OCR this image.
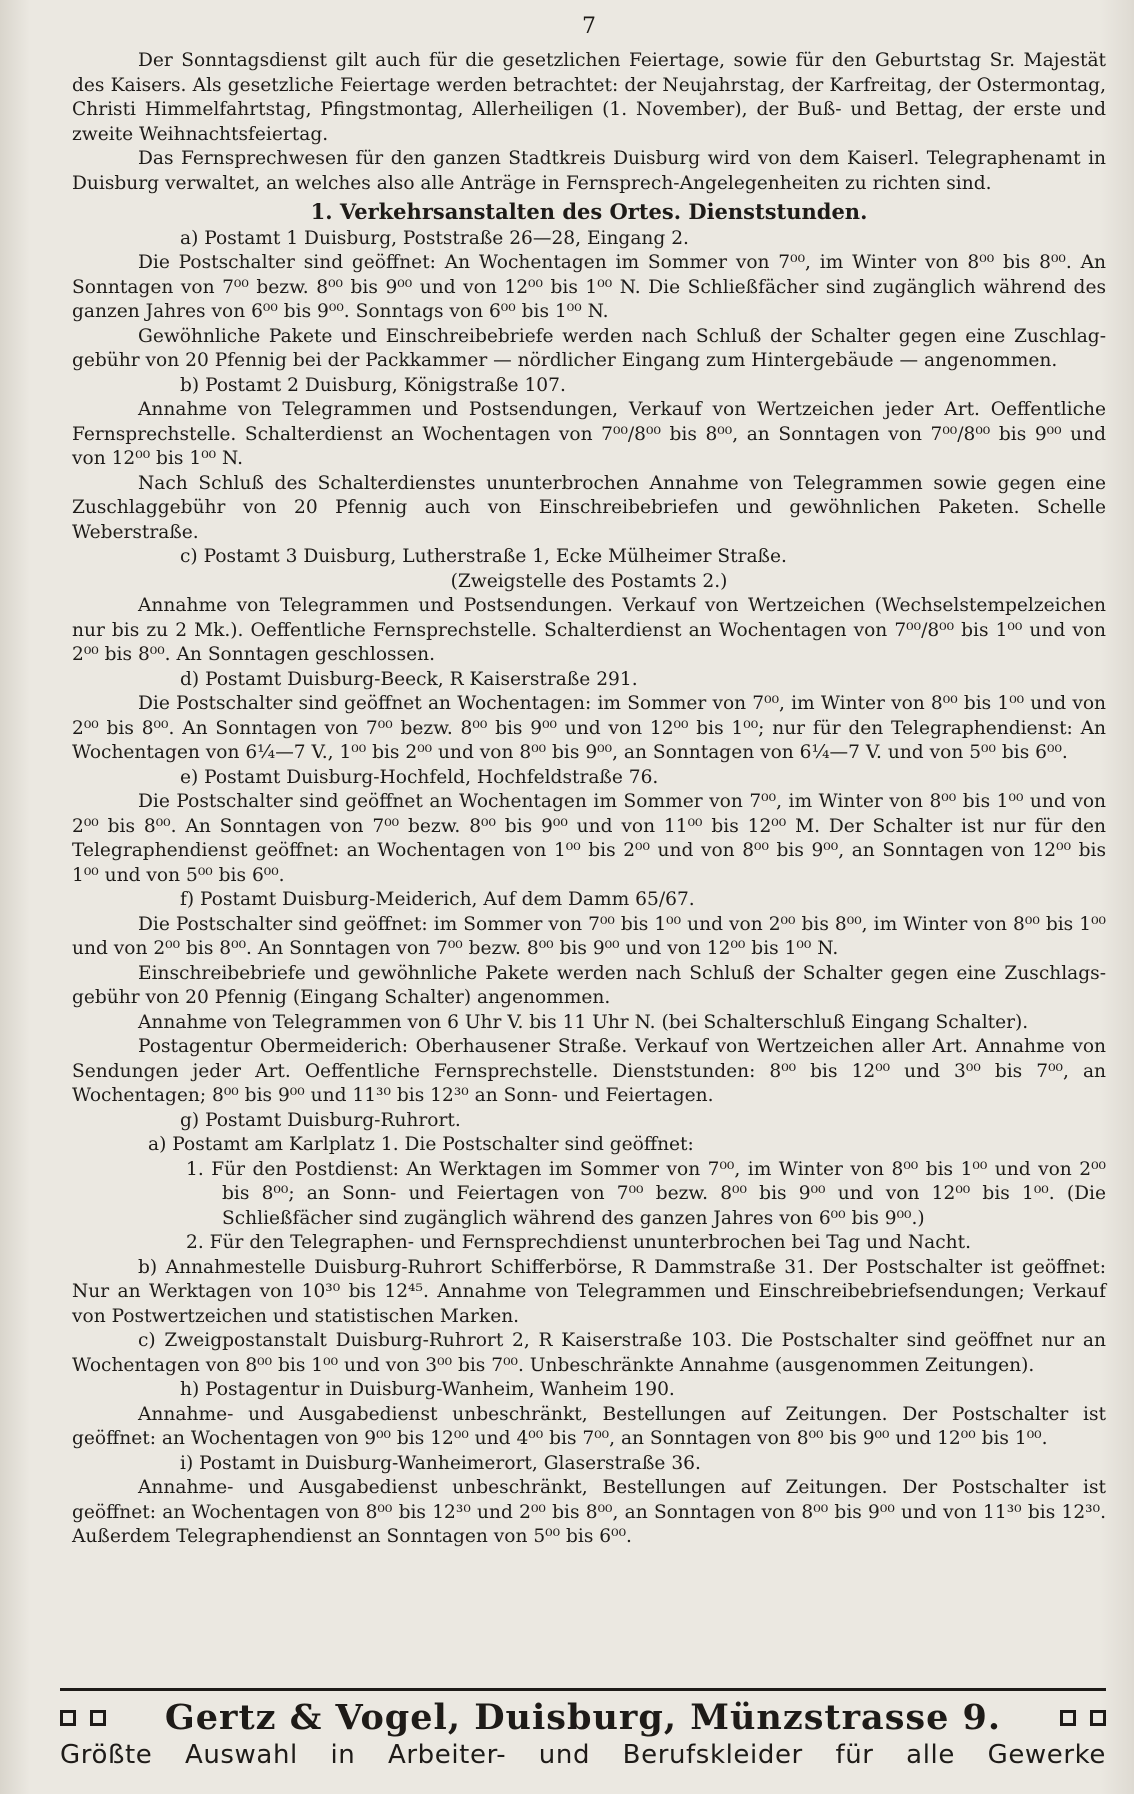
7

Der Sonntagsdienst gilt auch für die gesetzlichen Feiertage, sowie für den Geburtstag Sr. Majestät des Kaisers. Als gesetzliche Feiertage werden betrachtet: der Neujahrstag, der Karfreitag, der Ostermontag, Christi Himmelfahrtstag, Pfingstmontag, Allerheiligen (1. November), der Buß- und Bettag, der erste und zweite Weihnachtsfeiertag.

Das Fernsprechwesen für den ganzen Stadtkreis Duisburg wird von dem Kaiserl. Telegraphenamt in Duisburg verwaltet, an welches also alle Anträge in Fernsprech-Angelegenheiten zu richten sind.

1. Verkehrsanstalten des Ortes. Dienststunden.

a) Postamt 1 Duisburg, Poststraße 26—28, Eingang 2.

Die Postschalter sind geöffnet: An Wochentagen im Sommer von 7⁰⁰, im Winter von 8⁰⁰ bis 8⁰⁰. An Sonntagen von 7⁰⁰ bezw. 8⁰⁰ bis 9⁰⁰ und von 12⁰⁰ bis 1⁰⁰ N. Die Schließfächer sind zugänglich während des ganzen Jahres von 6⁰⁰ bis 9⁰⁰. Sonntags von 6⁰⁰ bis 1⁰⁰ N.

Gewöhnliche Pakete und Einschreibebriefe werden nach Schluß der Schalter gegen eine Zuschlag-gebühr von 20 Pfennig bei der Packkammer — nördlicher Eingang zum Hintergebäude — angenommen.

b) Postamt 2 Duisburg, Königstraße 107.

Annahme von Telegrammen und Postsendungen, Verkauf von Wertzeichen jeder Art. Oeffentliche Fernsprechstelle. Schalterdienst an Wochentagen von 7⁰⁰/8⁰⁰ bis 8⁰⁰, an Sonntagen von 7⁰⁰/8⁰⁰ bis 9⁰⁰ und von 12⁰⁰ bis 1⁰⁰ N.

Nach Schluß des Schalterdienstes ununterbrochen Annahme von Telegrammen sowie gegen eine Zuschlaggebühr von 20 Pfennig auch von Einschreibebriefen und gewöhnlichen Paketen. Schelle Weberstraße.

c) Postamt 3 Duisburg, Lutherstraße 1, Ecke Mülheimer Straße.

(Zweigstelle des Postamts 2.)

Annahme von Telegrammen und Postsendungen. Verkauf von Wertzeichen (Wechselstempelzeichen nur bis zu 2 Mk.). Oeffentliche Fernsprechstelle. Schalterdienst an Wochentagen von 7⁰⁰/8⁰⁰ bis 1⁰⁰ und von 2⁰⁰ bis 8⁰⁰. An Sonntagen geschlossen.

d) Postamt Duisburg-Beeck, R Kaiserstraße 291.

Die Postschalter sind geöffnet an Wochentagen: im Sommer von 7⁰⁰, im Winter von 8⁰⁰ bis 1⁰⁰ und von 2⁰⁰ bis 8⁰⁰. An Sonntagen von 7⁰⁰ bezw. 8⁰⁰ bis 9⁰⁰ und von 12⁰⁰ bis 1⁰⁰; nur für den Telegraphendienst: An Wochentagen von 6¼—7 V., 1⁰⁰ bis 2⁰⁰ und von 8⁰⁰ bis 9⁰⁰, an Sonntagen von 6¼—7 V. und von 5⁰⁰ bis 6⁰⁰.

e) Postamt Duisburg-Hochfeld, Hochfeldstraße 76.

Die Postschalter sind geöffnet an Wochentagen im Sommer von 7⁰⁰, im Winter von 8⁰⁰ bis 1⁰⁰ und von 2⁰⁰ bis 8⁰⁰. An Sonntagen von 7⁰⁰ bezw. 8⁰⁰ bis 9⁰⁰ und von 11⁰⁰ bis 12⁰⁰ M. Der Schalter ist nur für den Telegraphendienst geöffnet: an Wochentagen von 1⁰⁰ bis 2⁰⁰ und von 8⁰⁰ bis 9⁰⁰, an Sonntagen von 12⁰⁰ bis 1⁰⁰ und von 5⁰⁰ bis 6⁰⁰.

f) Postamt Duisburg-Meiderich, Auf dem Damm 65/67.

Die Postschalter sind geöffnet: im Sommer von 7⁰⁰ bis 1⁰⁰ und von 2⁰⁰ bis 8⁰⁰, im Winter von 8⁰⁰ bis 1⁰⁰ und von 2⁰⁰ bis 8⁰⁰. An Sonntagen von 7⁰⁰ bezw. 8⁰⁰ bis 9⁰⁰ und von 12⁰⁰ bis 1⁰⁰ N.

Einschreibebriefe und gewöhnliche Pakete werden nach Schluß der Schalter gegen eine Zuschlags-gebühr von 20 Pfennig (Eingang Schalter) angenommen.

Annahme von Telegrammen von 6 Uhr V. bis 11 Uhr N. (bei Schalterschluß Eingang Schalter).

Postagentur Obermeiderich: Oberhausener Straße. Verkauf von Wertzeichen aller Art. Annahme von Sendungen jeder Art. Oeffentliche Fernsprechstelle. Dienststunden: 8⁰⁰ bis 12⁰⁰ und 3⁰⁰ bis 7⁰⁰, an Wochentagen; 8⁰⁰ bis 9⁰⁰ und 11³⁰ bis 12³⁰ an Sonn- und Feiertagen.

g) Postamt Duisburg-Ruhrort.

a) Postamt am Karlplatz 1. Die Postschalter sind geöffnet:

1. Für den Postdienst: An Werktagen im Sommer von 7⁰⁰, im Winter von 8⁰⁰ bis 1⁰⁰ und von 2⁰⁰ bis 8⁰⁰; an Sonn- und Feiertagen von 7⁰⁰ bezw. 8⁰⁰ bis 9⁰⁰ und von 12⁰⁰ bis 1⁰⁰. (Die Schließfächer sind zugänglich während des ganzen Jahres von 6⁰⁰ bis 9⁰⁰.)

2. Für den Telegraphen- und Fernsprechdienst ununterbrochen bei Tag und Nacht.

b) Annahmestelle Duisburg-Ruhrort Schifferbörse, R Dammstraße 31. Der Postschalter ist geöffnet: Nur an Werktagen von 10³⁰ bis 12⁴⁵. Annahme von Telegrammen und Einschreibebriefsendungen; Verkauf von Postwertzeichen und statistischen Marken.

c) Zweigpostanstalt Duisburg-Ruhrort 2, R Kaiserstraße 103. Die Postschalter sind geöffnet nur an Wochentagen von 8⁰⁰ bis 1⁰⁰ und von 3⁰⁰ bis 7⁰⁰. Unbeschränkte Annahme (ausgenommen Zeitungen).

h) Postagentur in Duisburg-Wanheim, Wanheim 190.

Annahme- und Ausgabedienst unbeschränkt, Bestellungen auf Zeitungen. Der Postschalter ist geöffnet: an Wochentagen von 9⁰⁰ bis 12⁰⁰ und 4⁰⁰ bis 7⁰⁰, an Sonntagen von 8⁰⁰ bis 9⁰⁰ und 12⁰⁰ bis 1⁰⁰.

i) Postamt in Duisburg-Wanheimerort, Glaserstraße 36.

Annahme- und Ausgabedienst unbeschränkt, Bestellungen auf Zeitungen. Der Postschalter ist geöffnet: an Wochentagen von 8⁰⁰ bis 12³⁰ und 2⁰⁰ bis 8⁰⁰, an Sonntagen von 8⁰⁰ bis 9⁰⁰ und von 11³⁰ bis 12³⁰. Außerdem Telegraphendienst an Sonntagen von 5⁰⁰ bis 6⁰⁰.

Gertz & Vogel, Duisburg, Münzstrasse 9.
Größte Auswahl in Arbeiter- und Berufskleider für alle Gewerke
